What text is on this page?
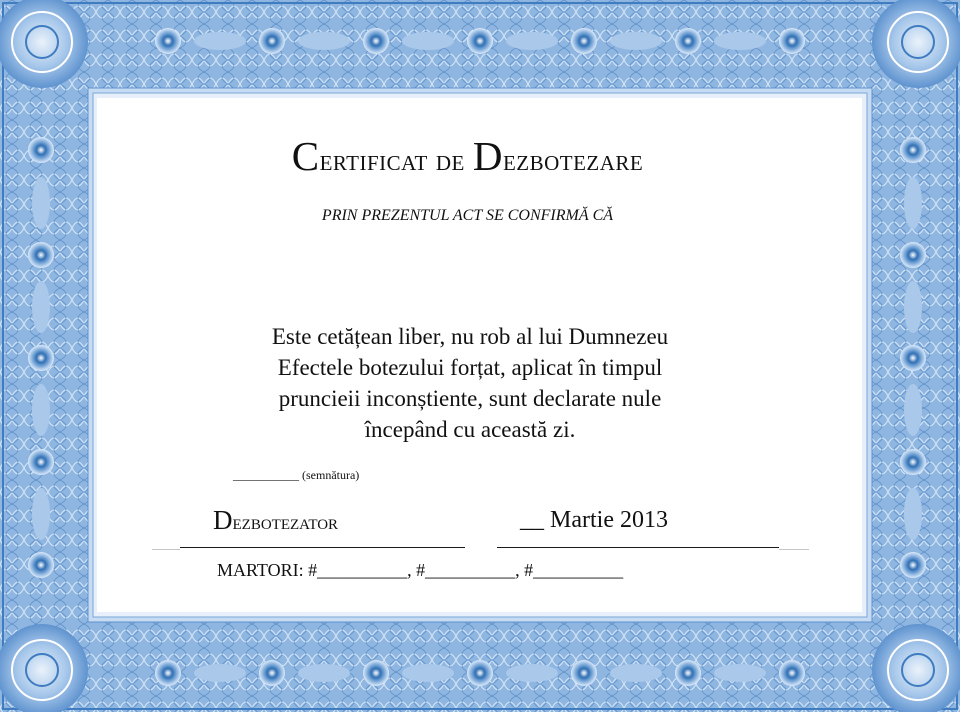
Certificat de Dezbotezare
PRIN PREZENTUL ACT SE CONFIRMĂ CĂ
Este cetățean liber, nu rob al lui Dumnezeu
Efectele botezului forțat, aplicat în timpul
pruncieii inconștiente, sunt declarate nule
începând cu această zi.
___________ (semnătura)
Dezbotezator	__ Martie 2013
MARTORI: #__________, #__________, #__________
